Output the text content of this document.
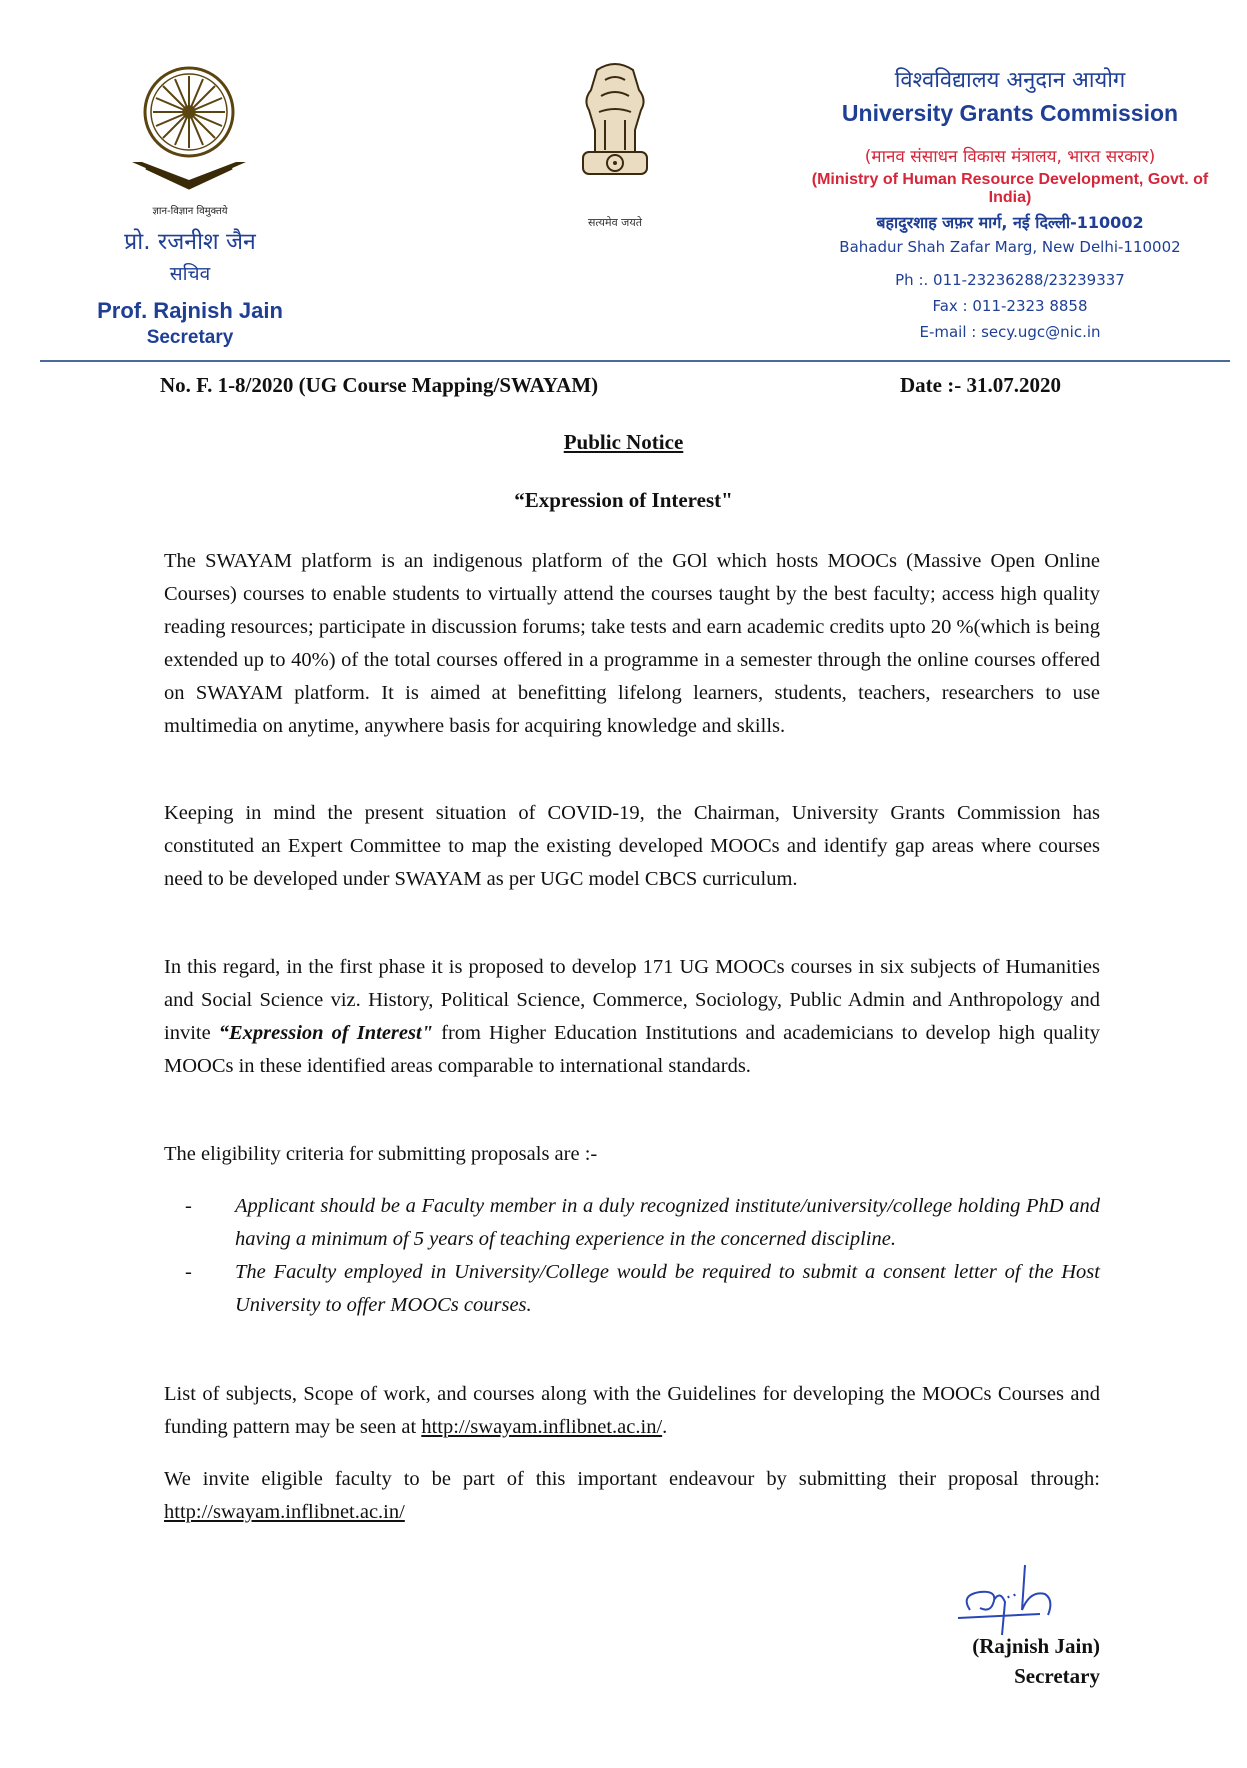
ज्ञान-विज्ञान विमुक्तये
प्रो. रजनीश जैन
सचिव
Prof. Rajnish Jain
Secretary
सत्यमेव जयते
विश्वविद्यालय अनुदान आयोग
University Grants Commission
(मानव संसाधन विकास मंत्रालय, भारत सरकार)
(Ministry of Human Resource Development, Govt. of India)
बहादुरशाह जफ़र मार्ग, नई दिल्ली-110002
Bahadur Shah Zafar Marg, New Delhi-110002
Ph :. 011-23236288/23239337
Fax : 011-2323 8858
E-mail : secy.ugc@nic.in
No. F. 1-8/2020 (UG Course Mapping/SWAYAM)	Date :- 31.07.2020
Public Notice
“Expression of Interest"
The SWAYAM platform is an indigenous platform of the GOl which hosts MOOCs (Massive Open Online Courses) courses to enable students to virtually attend the courses taught by the best faculty; access high quality reading resources; participate in discussion forums; take tests and earn academic credits upto 20 %(which is being extended up to 40%) of the total courses offered in a programme in a semester through the online courses offered on SWAYAM platform. It is aimed at benefitting lifelong learners, students, teachers, researchers to use multimedia on anytime, anywhere basis for acquiring knowledge and skills.
Keeping in mind the present situation of COVID-19, the Chairman, University Grants Commission has constituted an Expert Committee to map the existing developed MOOCs and identify gap areas where courses need to be developed under SWAYAM as per UGC model CBCS curriculum.
In this regard, in the first phase it is proposed to develop 171 UG MOOCs courses in six subjects of Humanities and Social Science viz. History, Political Science, Commerce, Sociology, Public Admin and Anthropology and invite “Expression of Interest" from Higher Education Institutions and academicians to develop high quality MOOCs in these identified areas comparable to international standards.
The eligibility criteria for submitting proposals are :-
-	Applicant should be a Faculty member in a duly recognized institute/university/college holding PhD and having a minimum of 5 years of teaching experience in the concerned discipline.
-	The Faculty employed in University/College would be required to submit a consent letter of the Host University to offer MOOCs courses.
List of subjects, Scope of work, and courses along with the Guidelines for developing the MOOCs Courses and funding pattern may be seen at http://swayam.inflibnet.ac.in/.
We invite eligible faculty to be part of this important endeavour by submitting their proposal through: http://swayam.inflibnet.ac.in/
(Rajnish Jain)
Secretary
